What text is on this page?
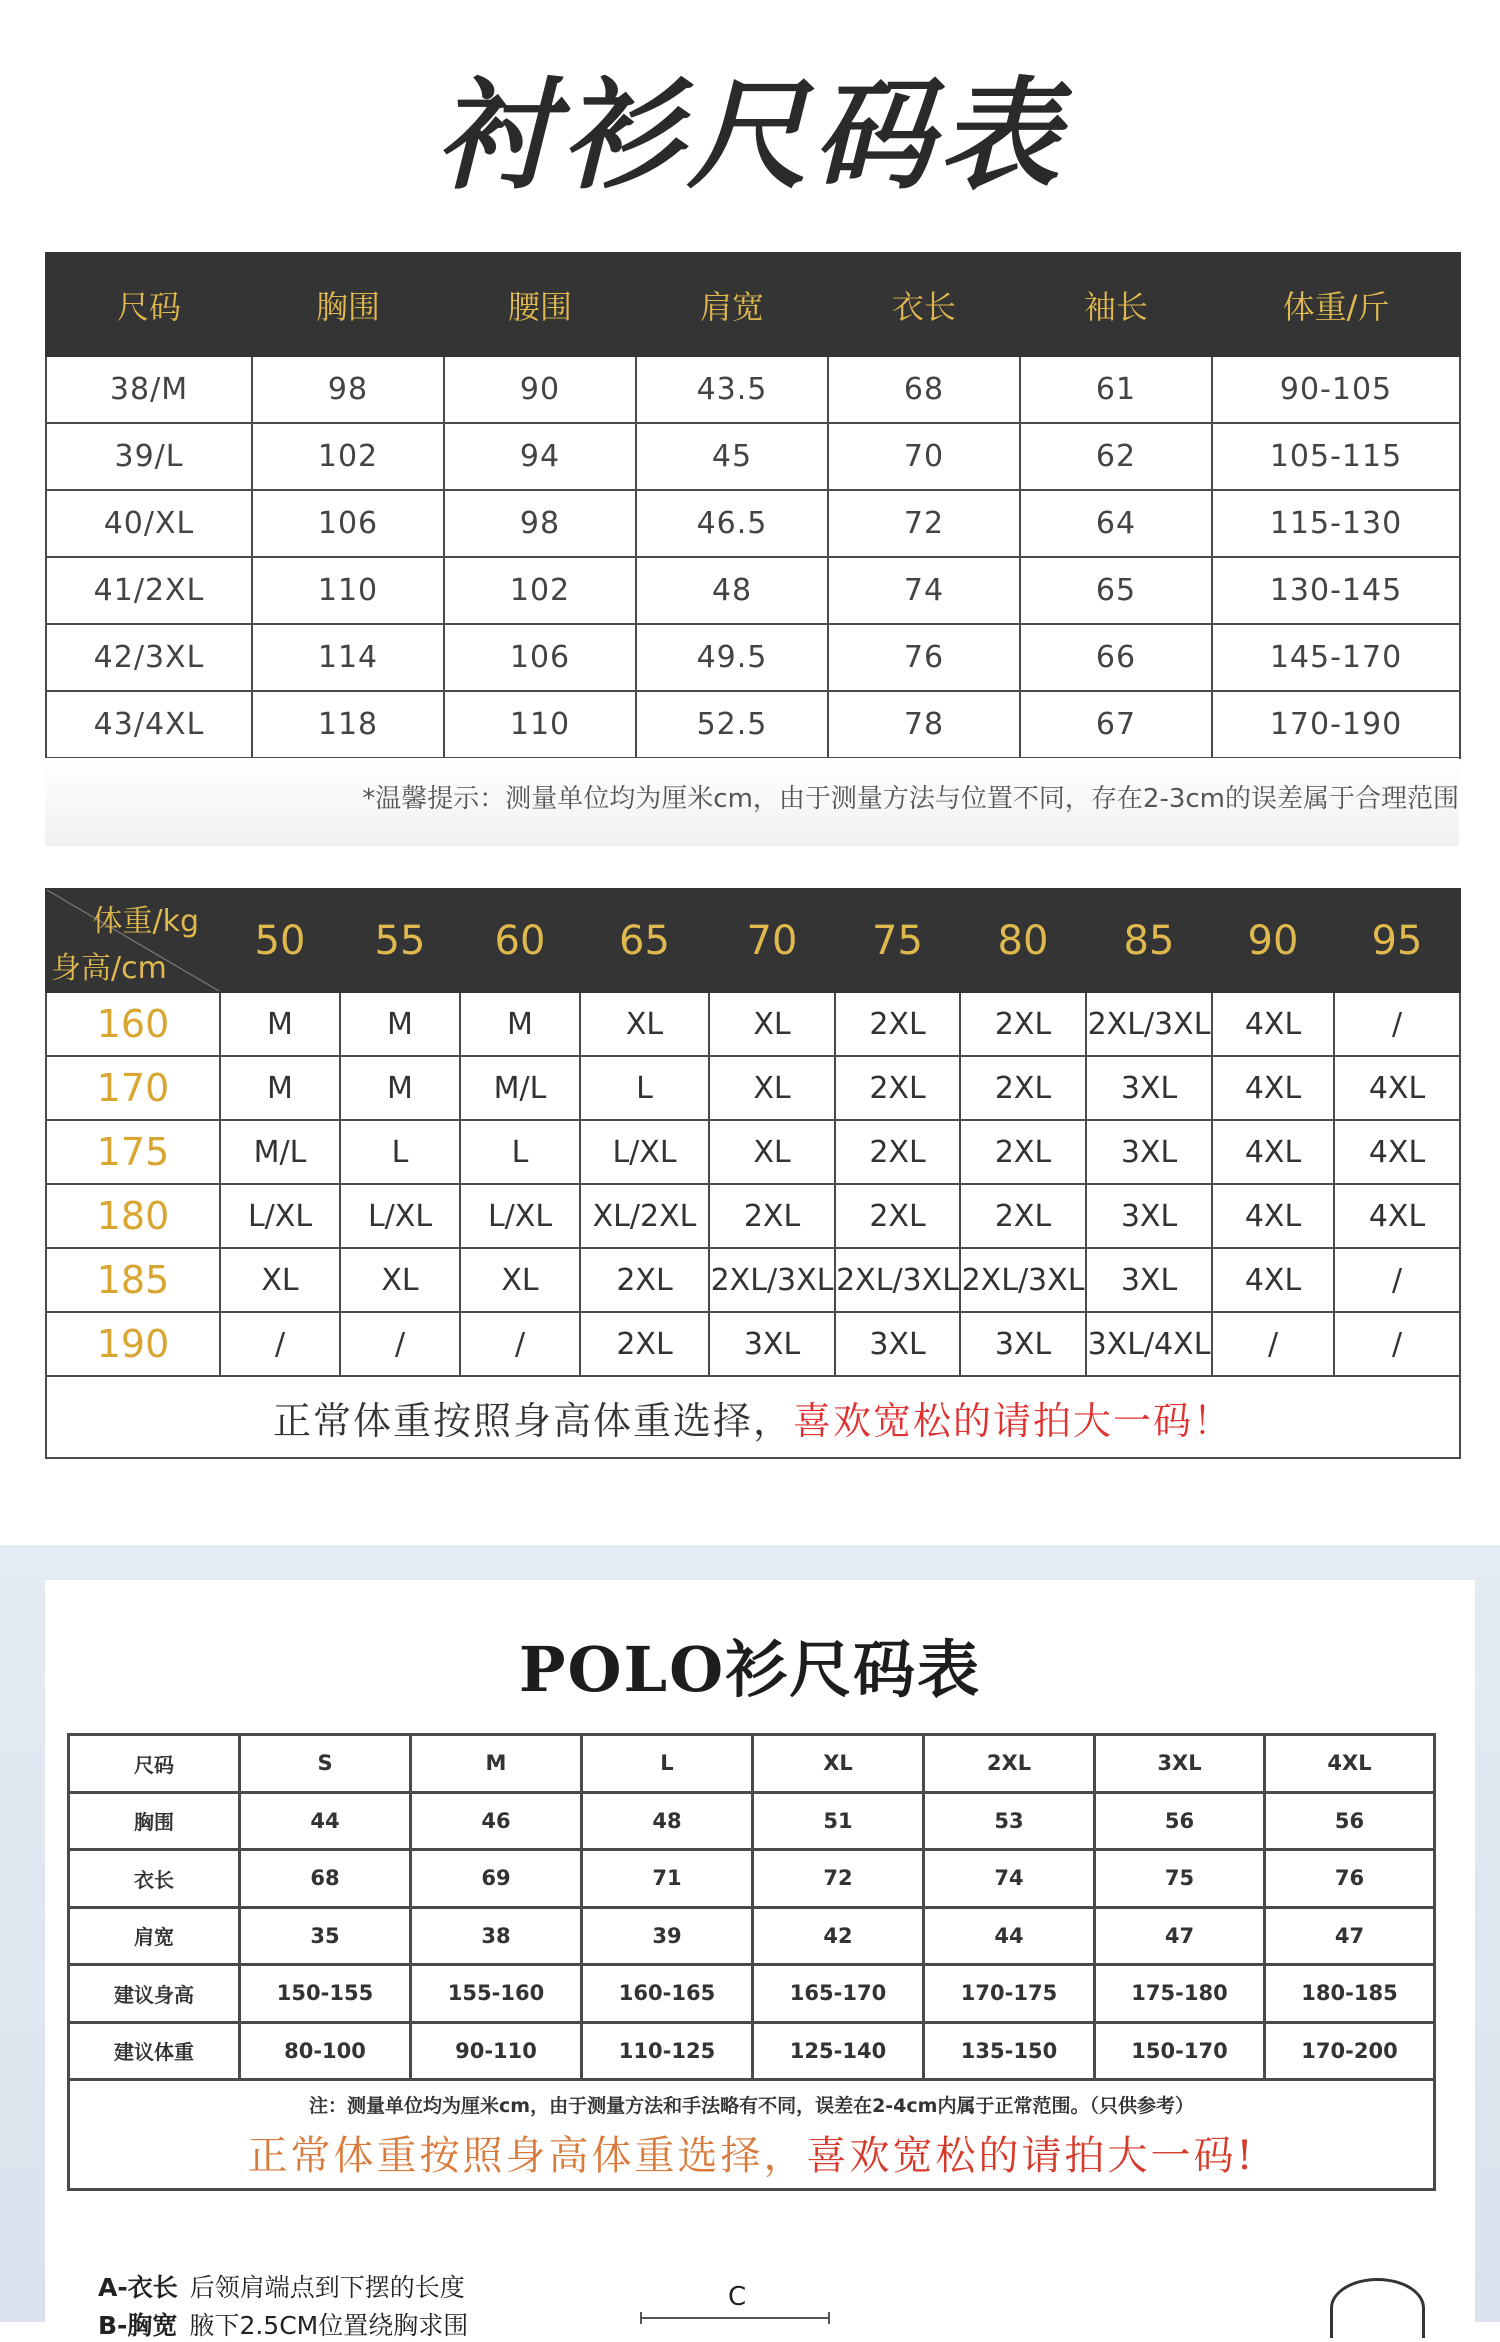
衬衫尺码表
尺码	胸围	腰围	肩宽	衣长	袖长	体重/斤
38/M	98	90	43.5	68	61	90-105
39/L	102	94	45	70	62	105-115
40/XL	106	98	46.5	72	64	115-130
41/2XL	110	102	48	74	65	130-145
42/3XL	114	106	49.5	76	66	145-170
43/4XL	118	110	52.5	78	67	170-190
*温馨提示：测量单位均为厘米cm，由于测量方法与位置不同，存在2-3cm的误差属于合理范围
体重/kg
身高/cm	50	55	60	65	70	75	80	85	90	95
160	M	M	M	XL	XL	2XL	2XL	2XL/3XL	4XL	/
170	M	M	M/L	L	XL	2XL	2XL	3XL	4XL	4XL
175	M/L	L	L	L/XL	XL	2XL	2XL	3XL	4XL	4XL
180	L/XL	L/XL	L/XL	XL/2XL	2XL	2XL	2XL	3XL	4XL	4XL
185	XL	XL	XL	2XL	2XL/3XL	2XL/3XL	2XL/3XL	3XL	4XL	/
190	/	/	/	2XL	3XL	3XL	3XL	3XL/4XL	/	/
正常体重按照身高体重选择，喜欢宽松的请拍大一码！										
POLO衫尺码表
尺码	S	M	L	XL	2XL	3XL	4XL
胸围	44	46	48	51	53	56	56
衣长	68	69	71	72	74	75	76
肩宽	35	38	39	42	44	47	47
建议身高	150-155	155-160	160-165	165-170	170-175	175-180	180-185
建议体重	80-100	90-110	110-125	125-140	135-150	150-170	170-200

注：测量单位均为厘米cm，由于测量方法和手法略有不同，误差在2-4cm内属于正常范围。（只供参考）
正常体重按照身高体重选择，喜欢宽松的请拍大一码!							
A-衣长 后领肩端点到下摆的长度
B-胸宽 腋下2.5CM位置绕胸求围
C
